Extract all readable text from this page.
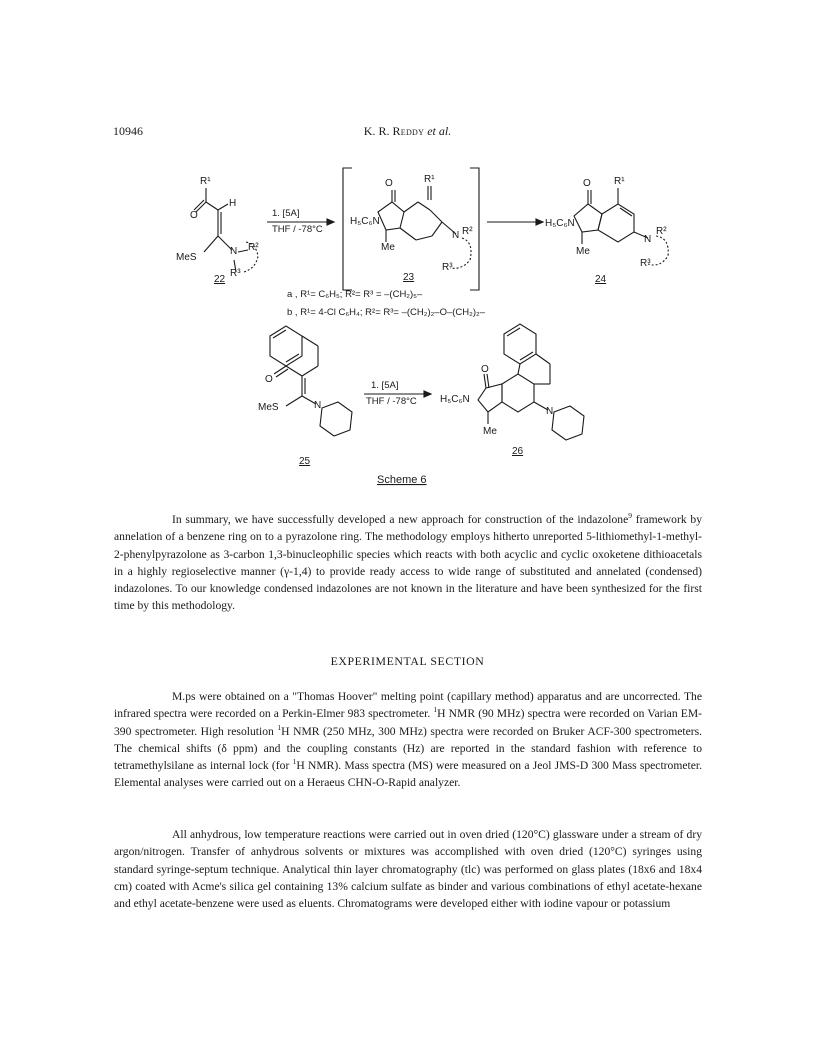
10946	K. R. Reddy et al.
R¹
O
H
MeS
N R²
R³
O	R¹
H₅C₆N
Me
N R²
R³
O R¹
H₅C₆N
Me
N
R²
R³
O
MeS	N
O
H₅C₆N
Me
N
1. [5A]
THF / -78°C
1. [5A]
THF / -78°C
22	23	24
25
26
a , R¹= C₆H₅; R²= R³ = –(CH₂)₅–
b , R¹= 4-Cl C₆H₄; R²= R³= –(CH₂)₂–O–(CH₂)₂–
Scheme 6

In summary, we have successfully developed a new approach for construction of the indazolone$^9$ framework by annelation of a benzene ring on to a pyrazolone ring. The methodology employs hitherto unreported 5-lithiomethyl-1-methyl-2-phenylpyrazolone as 3-carbon 1,3-binucleophilic species which reacts with both acyclic and cyclic oxoketene dithioacetals in a highly regioselective manner (γ-1,4) to provide ready access to wide range of substituted and annelated (condensed) indazolones. To our knowledge condensed indazolones are not known in the literature and have been synthesized for the first time by this methodology.

EXPERIMENTAL SECTION

M.ps were obtained on a "Thomas Hoover" melting point (capillary method) apparatus and are uncorrected. The infrared spectra were recorded on a Perkin-Elmer 983 spectrometer. $^1$H NMR (90 MHz) spectra were recorded on Varian EM-390 spectrometer. High resolution $^1$H NMR (250 MHz, 300 MHz) spectra were recorded on Bruker ACF-300 spectrometers. The chemical shifts (δ ppm) and the coupling constants (Hz) are reported in the standard fashion with reference to tetramethylsilane as internal lock (for $^1$H NMR). Mass spectra (MS) were measured on a Jeol JMS-D 300 Mass spectrometer. Elemental analyses were carried out on a Heraeus CHN-O-Rapid analyzer.

All anhydrous, low temperature reactions were carried out in oven dried (120°C) glassware under a stream of dry argon/nitrogen. Transfer of anhydrous solvents or mixtures was accomplished with oven dried (120°C) syringes using standard syringe-septum technique. Analytical thin layer chromatography (tlc) was performed on glass plates (18x6 and 18x4 cm) coated with Acme's silica gel containing 13% calcium sulfate as binder and various combinations of ethyl acetate-hexane and ethyl acetate-benzene were used as eluents. Chromatograms were developed either with iodine vapour or potassium
